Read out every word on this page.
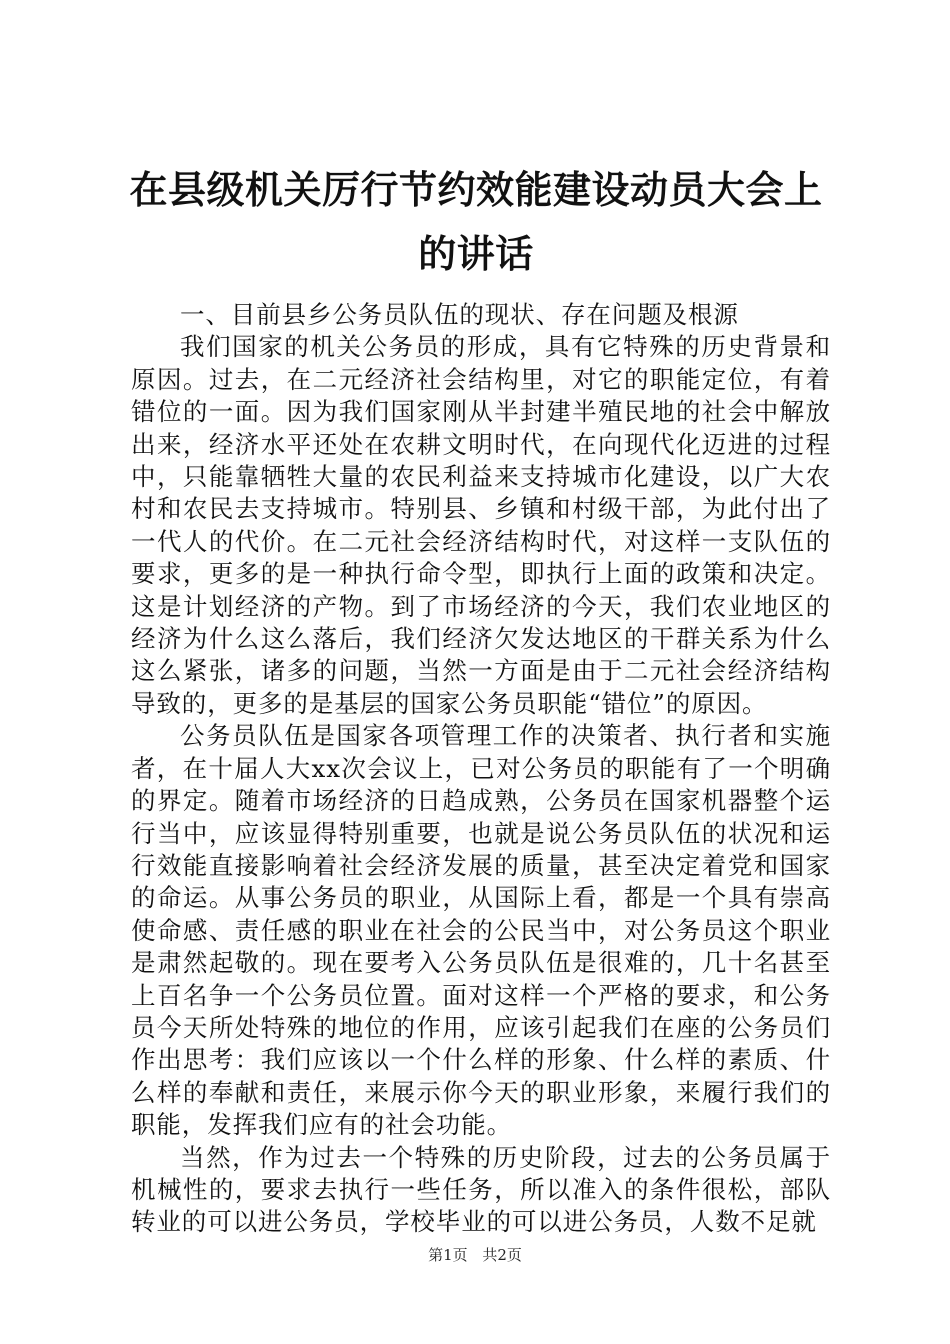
在县级机关厉行节约效能建设动员大会上的讲话

一、目前县乡公务员队伍的现状、存在问题及根源

我们国家的机关公务员的形成，具有它特殊的历史背景和原因。过去，在二元经济社会结构里，对它的职能定位，有着错位的一面。因为我们国家刚从半封建半殖民地的社会中解放出来，经济水平还处在农耕文明时代，在向现代化迈进的过程中，只能靠牺牲大量的农民利益来支持城市化建设，以广大农村和农民去支持城市。特别县、乡镇和村级干部，为此付出了一代人的代价。在二元社会经济结构时代，对这样一支队伍的要求，更多的是一种执行命令型，即执行上面的政策和决定。这是计划经济的产物。到了市场经济的今天，我们农业地区的经济为什么这么落后，我们经济欠发达地区的干群关系为什么这么紧张，诸多的问题，当然一方面是由于二元社会经济结构导致的，更多的是基层的国家公务员职能“错位”的原因。

公务员队伍是国家各项管理工作的决策者、执行者和实施者，在十届人大xx次会议上，已对公务员的职能有了一个明确的界定。随着市场经济的日趋成熟，公务员在国家机器整个运行当中，应该显得特别重要，也就是说公务员队伍的状况和运行效能直接影响着社会经济发展的质量，甚至决定着党和国家的命运。从事公务员的职业，从国际上看，都是一个具有崇高使命感、责任感的职业在社会的公民当中，对公务员这个职业是肃然起敬的。现在要考入公务员队伍是很难的，几十名甚至上百名争一个公务员位置。面对这样一个严格的要求，和公务员今天所处特殊的地位的作用，应该引起我们在座的公务员们作出思考：我们应该以一个什么样的形象、什么样的素质、什么样的奉献和责任，来展示你今天的职业形象，来履行我们的职能，发挥我们应有的社会功能。

当然，作为过去一个特殊的历史阶段，过去的公务员属于机械性的，要求去执行一些任务，所以准入的条件很松，部队转业的可以进公务员，学校毕业的可以进公务员，人数不足就

第1页 共2页
